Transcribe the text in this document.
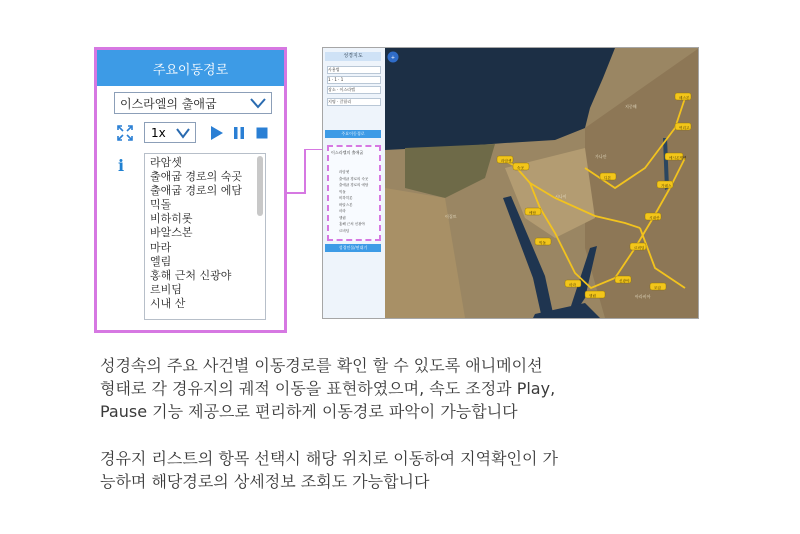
주요이동경로
이스라엘의 출애굽
1x
i	라암셋
출애굽 경로의 숙곳
출애굽 경로의 에담
믹돌
비하히롯
바알스본
마라
엘림
홍해 근처 신광야
르비딤
시내 산
성경지도
사용법
1 · 1 · 1
장소 · 이스라엘
지명 · 갈릴리
주요이동경로
이스라엘의 출애굽
라암셋
출애굽 경로의 숙곳
출애굽 경로의 에담
믹돌
비하히롯
바알스본
마라
엘림
홍해 근처 신광야
르비딤
성경인물/연대기
지중해
가나안
이집트
시나이
아라비아
라암셋
숙곳
에담
믹돌
마라
엘림
신광야
르비딤
시내산
가데스
에시온게벨
여리고
헤스본
디본
모압
+
성경속의 주요 사건별 이동경로를 확인 할 수 있도록 애니메이션
형태로 각 경유지의 궤적 이동을 표현하였으며, 속도 조정과 Play,
Pause 기능 제공으로 편리하게 이동경로 파악이 가능합니다
경유지 리스트의 항목 선택시 해당 위치로 이동하여 지역확인이 가
능하며 해당경로의 상세정보 조회도 가능합니다
